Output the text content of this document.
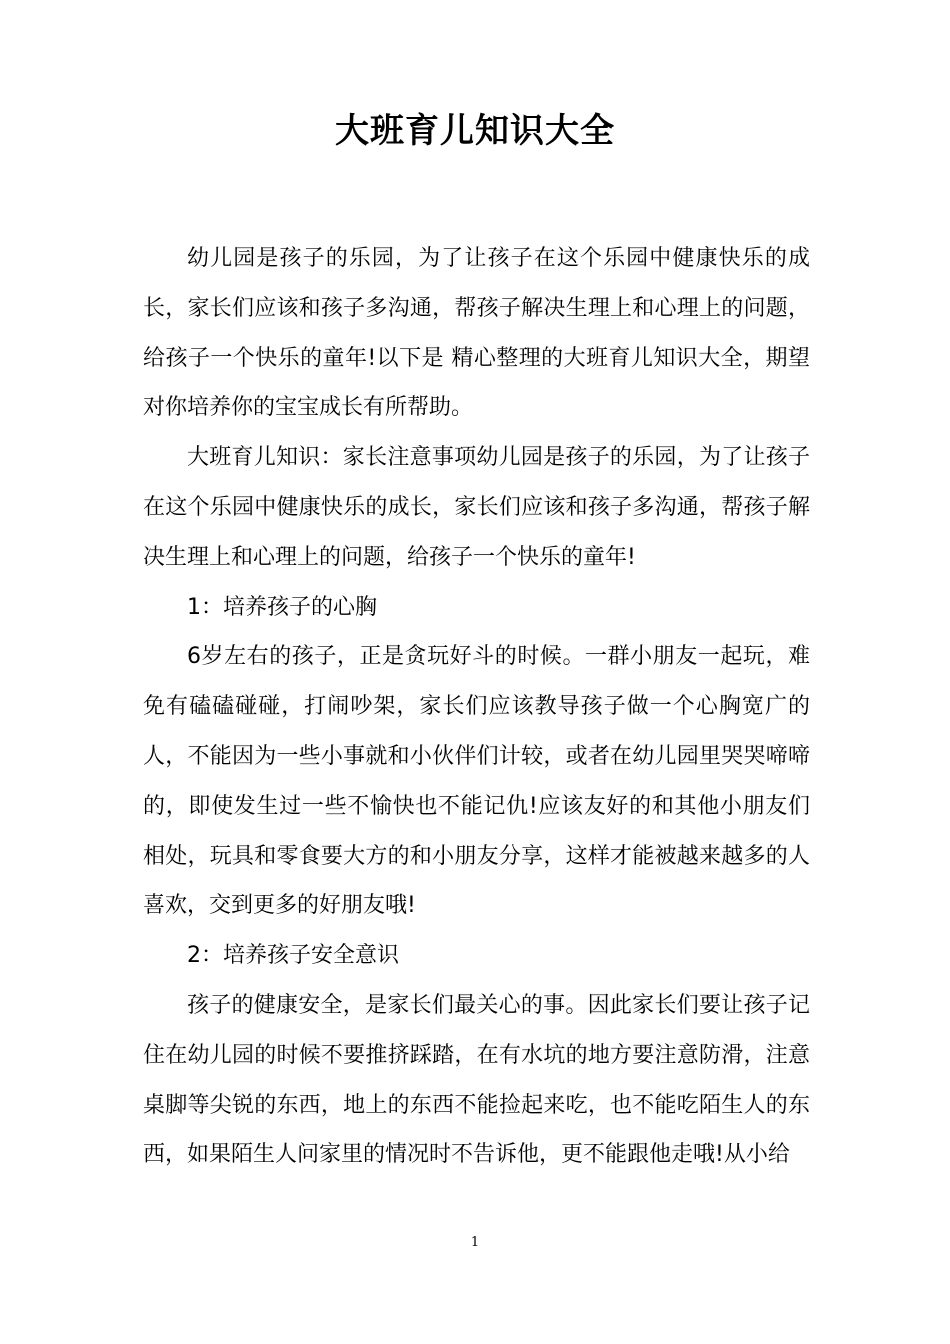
大班育儿知识大全

幼儿园是孩子的乐园，为了让孩子在这个乐园中健康快乐的成长，家长们应该和孩子多沟通，帮孩子解决生理上和心理上的问题，给孩子一个快乐的童年!以下是 精心整理的大班育儿知识大全，期望对你培养你的宝宝成长有所帮助。

大班育儿知识：家长注意事项幼儿园是孩子的乐园，为了让孩子在这个乐园中健康快乐的成长，家长们应该和孩子多沟通，帮孩子解决生理上和心理上的问题，给孩子一个快乐的童年!

1：培养孩子的心胸

6岁左右的孩子，正是贪玩好斗的时候。一群小朋友一起玩，难免有磕磕碰碰，打闹吵架，家长们应该教导孩子做一个心胸宽广的人，不能因为一些小事就和小伙伴们计较，或者在幼儿园里哭哭啼啼的，即使发生过一些不愉快也不能记仇!应该友好的和其他小朋友们相处，玩具和零食要大方的和小朋友分享，这样才能被越来越多的人喜欢，交到更多的好朋友哦!

2：培养孩子安全意识

孩子的健康安全，是家长们最关心的事。因此家长们要让孩子记住在幼儿园的时候不要推挤踩踏，在有水坑的地方要注意防滑，注意桌脚等尖锐的东西，地上的东西不能捡起来吃，也不能吃陌生人的东西，如果陌生人问家里的情况时不告诉他，更不能跟他走哦!从小给

1
